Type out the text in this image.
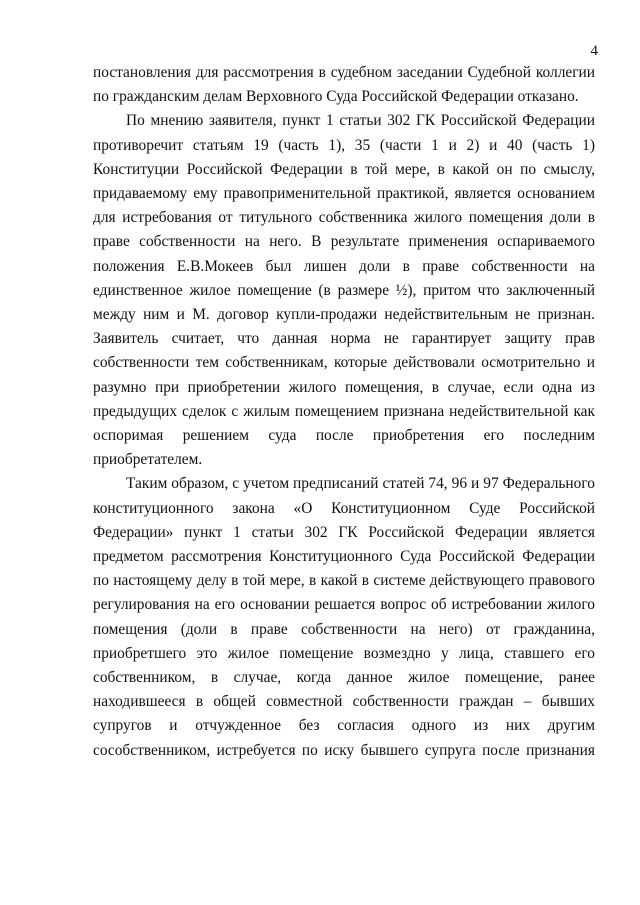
4

постановления для рассмотрения в судебном заседании Судебной коллегии по гражданским делам Верховного Суда Российской Федерации отказано.

По мнению заявителя, пункт 1 статьи 302 ГК Российской Федерации противоречит статьям 19 (часть 1), 35 (части 1 и 2) и 40 (часть 1) Конституции Российской Федерации в той мере, в какой он по смыслу, придаваемому ему правоприменительной практикой, является основанием для истребования от титульного собственника жилого помещения доли в праве собственности на него. В результате применения оспариваемого положения Е.В.Мокеев был лишен доли в праве собственности на единственное жилое помещение (в размере ½), притом что заключенный между ним и М. договор купли-продажи недействительным не признан. Заявитель считает, что данная норма не гарантирует защиту прав собственности тем собственникам, которые действовали осмотрительно и разумно при приобретении жилого помещения, в случае, если одна из предыдущих сделок с жилым помещением признана недействительной как оспоримая решением суда после приобретения его последним приобретателем.

Таким образом, с учетом предписаний статей 74, 96 и 97 Федерального конституционного закона «О Конституционном Суде Российской Федерации» пункт 1 статьи 302 ГК Российской Федерации является предметом рассмотрения Конституционного Суда Российской Федерации по настоящему делу в той мере, в какой в системе действующего правового регулирования на его основании решается вопрос об истребовании жилого помещения (доли в праве собственности на него) от гражданина, приобретшего это жилое помещение возмездно у лица, ставшего его собственником, в случае, когда данное жилое помещение, ранее находившееся в общей совместной собственности граждан – бывших супругов и отчужденное без согласия одного из них другим сособственником, истребуется по иску бывшего супруга после признания
